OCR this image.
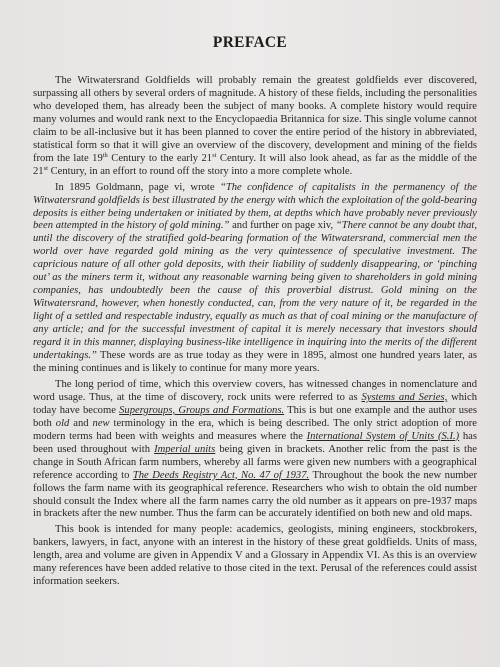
PREFACE

The Witwatersrand Goldfields will probably remain the greatest goldfields ever discovered, surpassing all others by several orders of magnitude. A history of these fields, including the personalities who developed them, has already been the subject of many books. A complete history would require many volumes and would rank next to the Encyclopaedia Britannica for size. This single volume cannot claim to be all-inclusive but it has been planned to cover the entire period of the history in abbreviated, statistical form so that it will give an overview of the discovery, development and mining of the fields from the late 19th Century to the early 21st Century. It will also look ahead, as far as the middle of the 21st Century, in an effort to round off the story into a more complete whole.

In 1895 Goldmann, page vi, wrote “The confidence of capitalists in the permanency of the Witwatersrand goldfields is best illustrated by the energy with which the exploitation of the gold-bearing deposits is either being undertaken or initiated by them, at depths which have probably never previously been attempted in the history of gold mining.” and further on page xiv, “There cannot be any doubt that, until the discovery of the stratified gold-bearing formation of the Witwatersrand, commercial men the world over have regarded gold mining as the very quintessence of speculative investment. The capricious nature of all other gold deposits, with their liability of suddenly disappearing, or ‘pinching out’ as the miners term it, without any reasonable warning being given to shareholders in gold mining companies, has undoubtedly been the cause of this proverbial distrust. Gold mining on the Witwatersrand, however, when honestly conducted, can, from the very nature of it, be regarded in the light of a settled and respectable industry, equally as much as that of coal mining or the manufacture of any article; and for the successful investment of capital it is merely necessary that investors should regard it in this manner, displaying business-like intelligence in inquiring into the merits of the different undertakings.” These words are as true today as they were in 1895, almost one hundred years later, as the mining continues and is likely to continue for many more years.

The long period of time, which this overview covers, has witnessed changes in nomenclature and word usage. Thus, at the time of discovery, rock units were referred to as Systems and Series, which today have become Supergroups, Groups and Formations. This is but one example and the author uses both old and new terminology in the era, which is being described. The only strict adoption of more modern terms had been with weights and measures where the International System of Units (S.I.) has been used throughout with Imperial units being given in brackets. Another relic from the past is the change in South African farm numbers, whereby all farms were given new numbers with a geographical reference according to The Deeds Registry Act, No. 47 of 1937. Throughout the book the new number follows the farm name with its geographical reference. Researchers who wish to obtain the old number should consult the Index where all the farm names carry the old number as it appears on pre-1937 maps in brackets after the new number. Thus the farm can be accurately identified on both new and old maps.

This book is intended for many people: academics, geologists, mining engineers, stockbrokers, bankers, lawyers, in fact, anyone with an interest in the history of these great goldfields. Units of mass, length, area and volume are given in Appendix V and a Glossary in Appendix VI. As this is an overview many references have been added relative to those cited in the text. Perusal of the references could assist information seekers.
